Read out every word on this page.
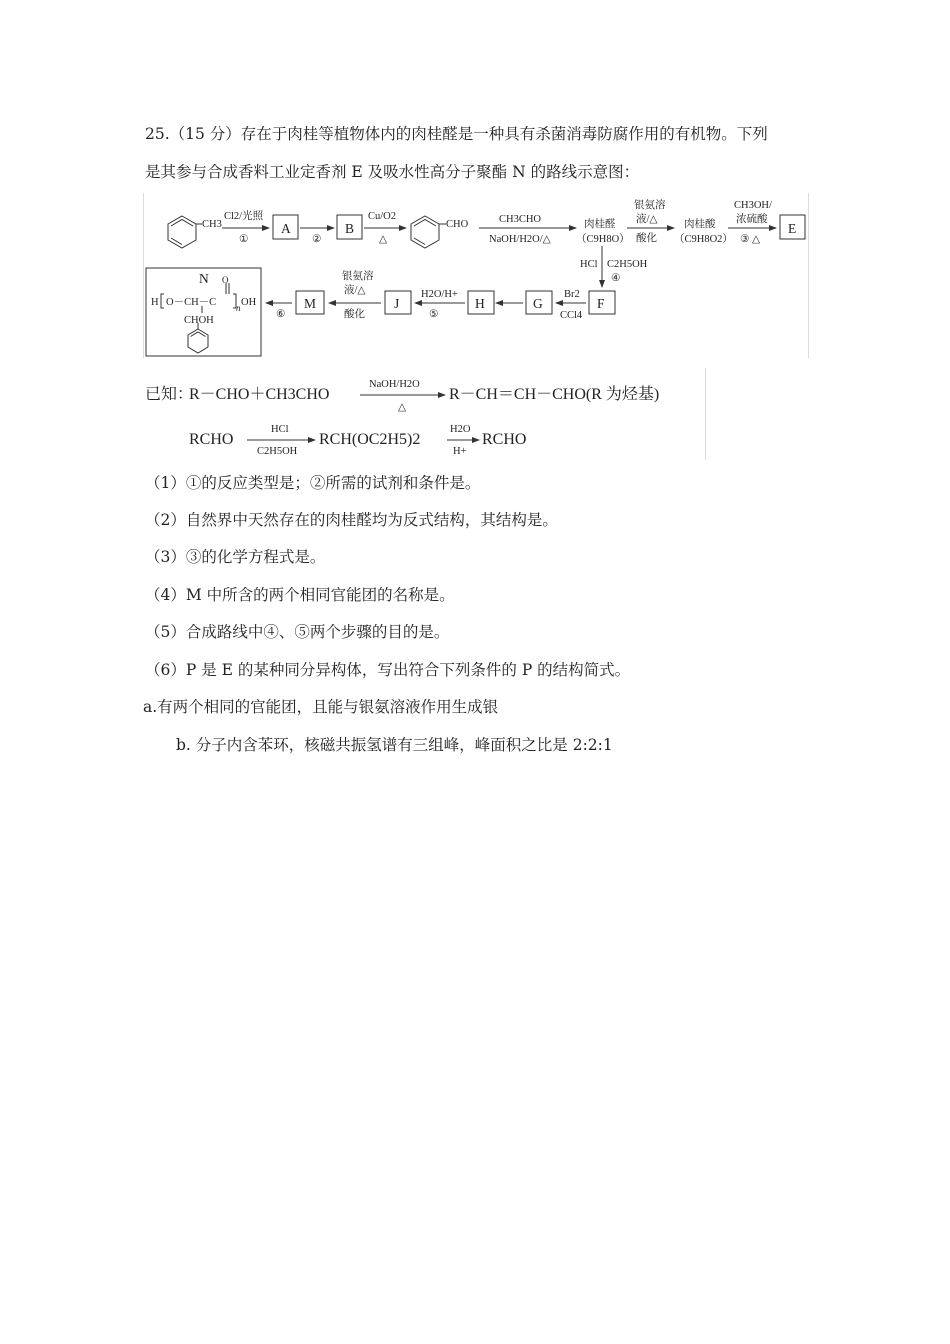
25.（15 分）存在于肉桂等植物体内的肉桂醛是一种具有杀菌消毒防腐作用的有机物。下列
是其参与合成香料工业定香剂 E 及吸水性高分子聚酯 N 的路线示意图：
CH3
Cl2/光照
①	②
Cu/O2
△
CHO	CH3CHO
NaOH/H2O/△
肉桂醛
（C9H8O）
银氨溶
液/△
酸化
肉桂酸
（C9H8O2）
CH3OH/
浓硫酸
③ △
HCl C2H5OH
④
Br2
CCl4
H2O/H+
⑤
银氨溶
液/△
酸化
⑥
O
H O－CH－C n OH
CHOH
A	B	E
F
G
H
J
M
N
已知：
R－CHO＋CH3CHO	R－CH＝CH－CHO(R 为烃基)
RCHO	RCH(OC2H5)2	RCHO
NaOH/H2O
△
HCl
C2H5OH
H2O
H+
（1）①的反应类型是；②所需的试剂和条件是。
（2）自然界中天然存在的肉桂醛均为反式结构，其结构是。
（3）③的化学方程式是。
（4）M 中所含的两个相同官能团的名称是。
（5）合成路线中④、⑤两个步骤的目的是。
（6）P 是 E 的某种同分异构体，写出符合下列条件的 P 的结构简式。
a.有两个相同的官能团，且能与银氨溶液作用生成银
b. 分子内含苯环，核磁共振氢谱有三组峰，峰面积之比是 2:2:1
